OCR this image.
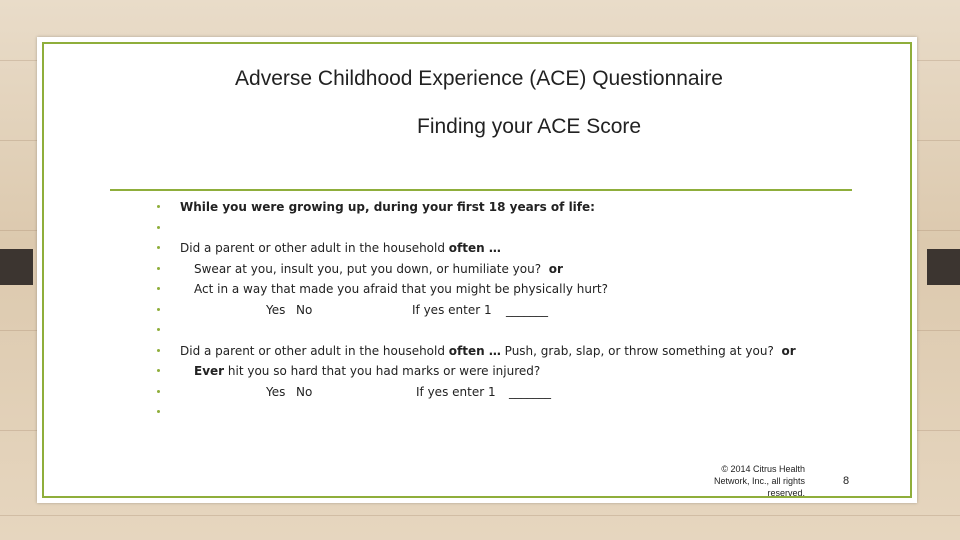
Adverse Childhood Experience (ACE) Questionnaire
Finding your ACE Score
While you were growing up, during your first 18 years of life:
Did a parent or other adult in the household often …
Swear at you, insult you, put you down, or humiliate you? or
Act in a way that made you afraid that you might be physically hurt?
Yes No	If yes enter 1 _______
Did a parent or other adult in the household often … Push, grab, slap, or throw something at you? or
Ever hit you so hard that you had marks or were injured?
Yes No	If yes enter 1 _______
© 2014 Citrus Health
Network, Inc., all rights
reserved.
8
